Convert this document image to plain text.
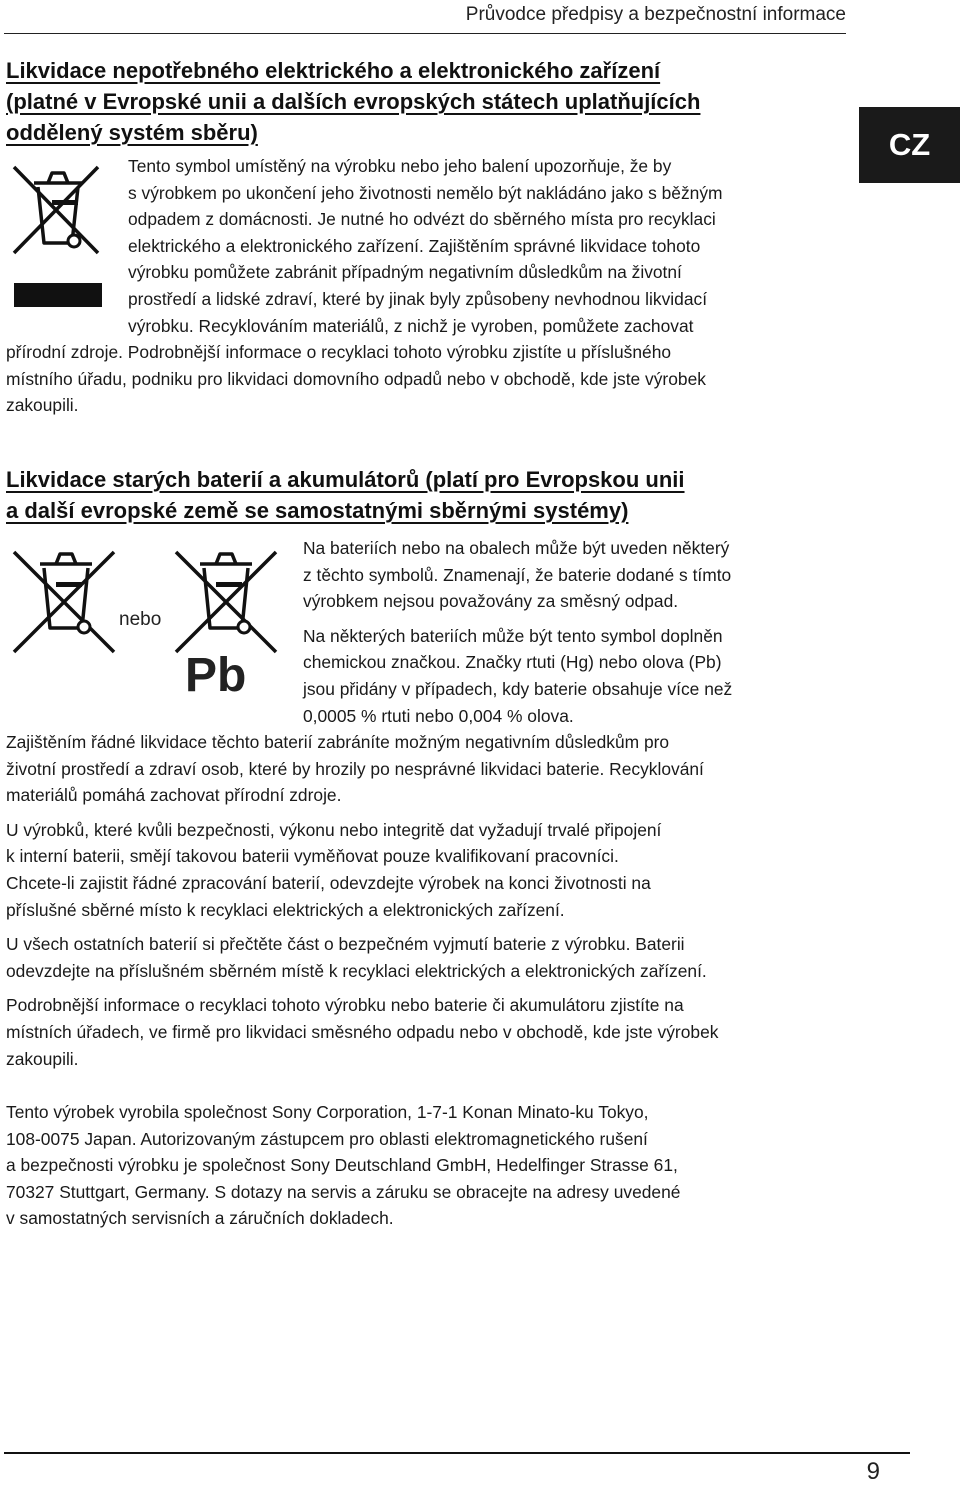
Průvodce předpisy a bezpečnostní informace
CZ
Likvidace nepotřebného elektrického a elektronického zařízení
(platné v Evropské unii a dalších evropských státech uplatňujících
oddělený systém sběru)

Tento symbol umístěný na výrobku nebo jeho balení upozorňuje, že by

s výrobkem po ukončení jeho životnosti nemělo být nakládáno jako s běžným

odpadem z domácnosti. Je nutné ho odvézt do sběrného místa pro recyklaci

elektrického a elektronického zařízení. Zajištěním správné likvidace tohoto

výrobku pomůžete zabránit případným negativním důsledkům na životní

prostředí a lidské zdraví, které by jinak byly způsobeny nevhodnou likvidací

výrobku. Recyklováním materiálů, z nichž je vyroben, pomůžete zachovat

přírodní zdroje. Podrobnější informace o recyklaci tohoto výrobku zjistíte u příslušného

místního úřadu, podniku pro likvidaci domovního odpadů nebo v obchodě, kde jste výrobek

zakoupili.

Likvidace starých baterií a akumulátorů (platí pro Evropskou unii
a další evropské země se samostatnými sběrnými systémy)
nebo
Pb

Na bateriích nebo na obalech může být uveden některý

z těchto symbolů. Znamenají, že baterie dodané s tímto

výrobkem nejsou považovány za směsný odpad.

Na některých bateriích může být tento symbol doplněn

chemickou značkou. Značky rtuti (Hg) nebo olova (Pb)

jsou přidány v případech, kdy baterie obsahuje více než

0,0005 % rtuti nebo 0,004 % olova.

Zajištěním řádné likvidace těchto baterií zabráníte možným negativním důsledkům pro

životní prostředí a zdraví osob, které by hrozily po nesprávné likvidaci baterie. Recyklování

materiálů pomáhá zachovat přírodní zdroje.

U výrobků, které kvůli bezpečnosti, výkonu nebo integritě dat vyžadují trvalé připojení

k interní baterii, smějí takovou baterii vyměňovat pouze kvalifikovaní pracovníci.

Chcete-li zajistit řádné zpracování baterií, odevzdejte výrobek na konci životnosti na

příslušné sběrné místo k recyklaci elektrických a elektronických zařízení.

U všech ostatních baterií si přečtěte část o bezpečném vyjmutí baterie z výrobku. Baterii

odevzdejte na příslušném sběrném místě k recyklaci elektrických a elektronických zařízení.

Podrobnější informace o recyklaci tohoto výrobku nebo baterie či akumulátoru zjistíte na

místních úřadech, ve firmě pro likvidaci směsného odpadu nebo v obchodě, kde jste výrobek

zakoupili.

Tento výrobek vyrobila společnost Sony Corporation, 1-7-1 Konan Minato-ku Tokyo,

108-0075 Japan. Autorizovaným zástupcem pro oblasti elektromagnetického rušení

a bezpečnosti výrobku je společnost Sony Deutschland GmbH, Hedelfinger Strasse 61,

70327 Stuttgart, Germany. S dotazy na servis a záruku se obracejte na adresy uvedené

v samostatných servisních a záručních dokladech.

9
